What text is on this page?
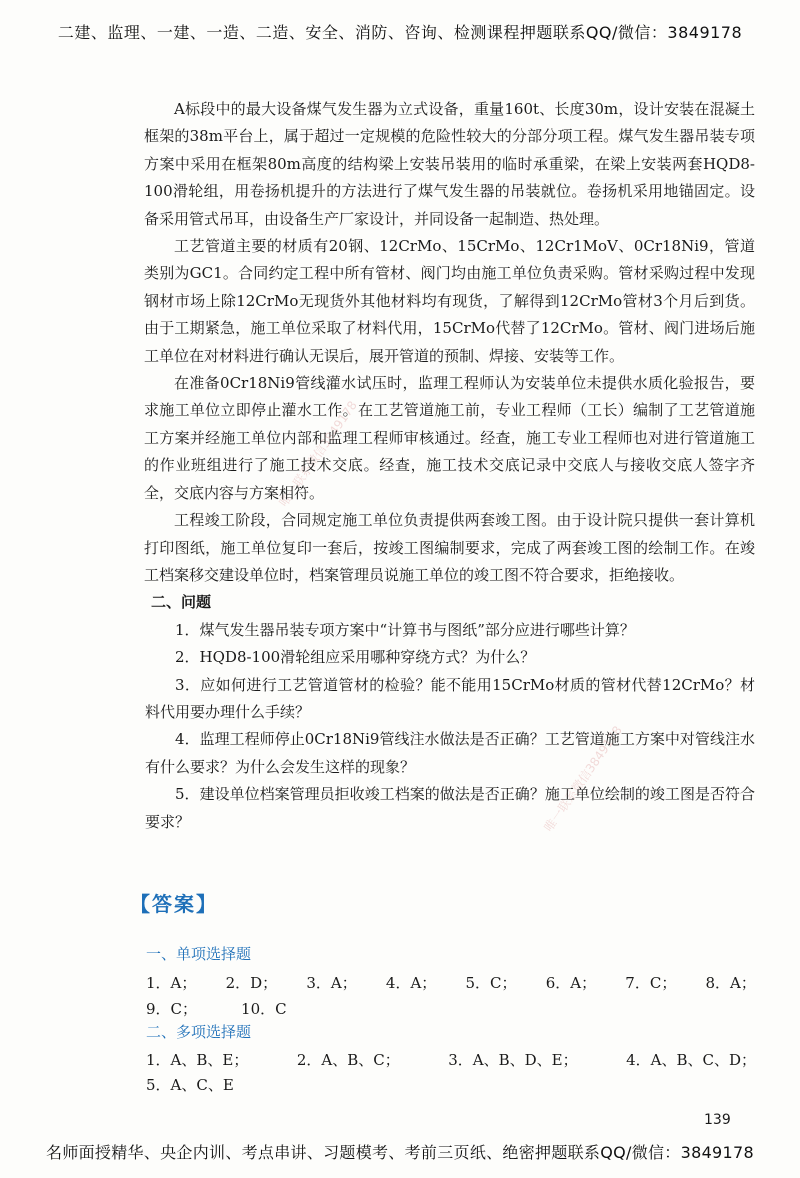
二建、监理、一建、一造、二造、安全、消防、咨询、检测课程押题联系QQ/微信：3849178
唯一联系微信3849178
唯一联系微信3849178

A标段中的最大设备煤气发生器为立式设备，重量160t、长度30m，设计安装在混凝土框架的38m平台上，属于超过一定规模的危险性较大的分部分项工程。煤气发生器吊装专项方案中采用在框架80m高度的结构梁上安装吊装用的临时承重梁，在梁上安装两套HQD8-100滑轮组，用卷扬机提升的方法进行了煤气发生器的吊装就位。卷扬机采用地锚固定。设备采用管式吊耳，由设备生产厂家设计，并同设备一起制造、热处理。

工艺管道主要的材质有20钢、12CrMo、15CrMo、12Cr1MoV、0Cr18Ni9，管道类别为GC1。合同约定工程中所有管材、阀门均由施工单位负责采购。管材采购过程中发现钢材市场上除12CrMo无现货外其他材料均有现货，了解得到12CrMo管材3个月后到货。由于工期紧急，施工单位采取了材料代用，15CrMo代替了12CrMo。管材、阀门进场后施工单位在对材料进行确认无误后，展开管道的预制、焊接、安装等工作。

在准备0Cr18Ni9管线灌水试压时，监理工程师认为安装单位未提供水质化验报告，要求施工单位立即停止灌水工作。在工艺管道施工前，专业工程师（工长）编制了工艺管道施工方案并经施工单位内部和监理工程师审核通过。经查，施工专业工程师也对进行管道施工的作业班组进行了施工技术交底。经查，施工技术交底记录中交底人与接收交底人签字齐全，交底内容与方案相符。

工程竣工阶段，合同规定施工单位负责提供两套竣工图。由于设计院只提供一套计算机打印图纸，施工单位复印一套后，按竣工图编制要求，完成了两套竣工图的绘制工作。在竣工档案移交建设单位时，档案管理员说施工单位的竣工图不符合要求，拒绝接收。

二、问题

1．煤气发生器吊装专项方案中“计算书与图纸”部分应进行哪些计算？

2．HQD8-100滑轮组应采用哪种穿绕方式？为什么？

3．应如何进行工艺管道管材的检验？能不能用15CrMo材质的管材代替12CrMo？材料代用要办理什么手续？

4．监理工程师停止0Cr18Ni9管线注水做法是否正确？工艺管道施工方案中对管线注水有什么要求？为什么会发生这样的现象？

5．建设单位档案管理员拒收竣工档案的做法是否正确？施工单位绘制的竣工图是否符合要求？

【答案】
一、单项选择题
1．A； 2．D； 3．A； 4．A； 5．C； 6．A； 7．C； 8．A；
9．C；	10．C
二、多项选择题
1．A、B、E；	2．A、B、C；	3．A、B、D、E；	4．A、B、C、D；
5．A、C、E
139
名师面授精华、央企内训、考点串讲、习题模考、考前三页纸、绝密押题联系QQ/微信：3849178
